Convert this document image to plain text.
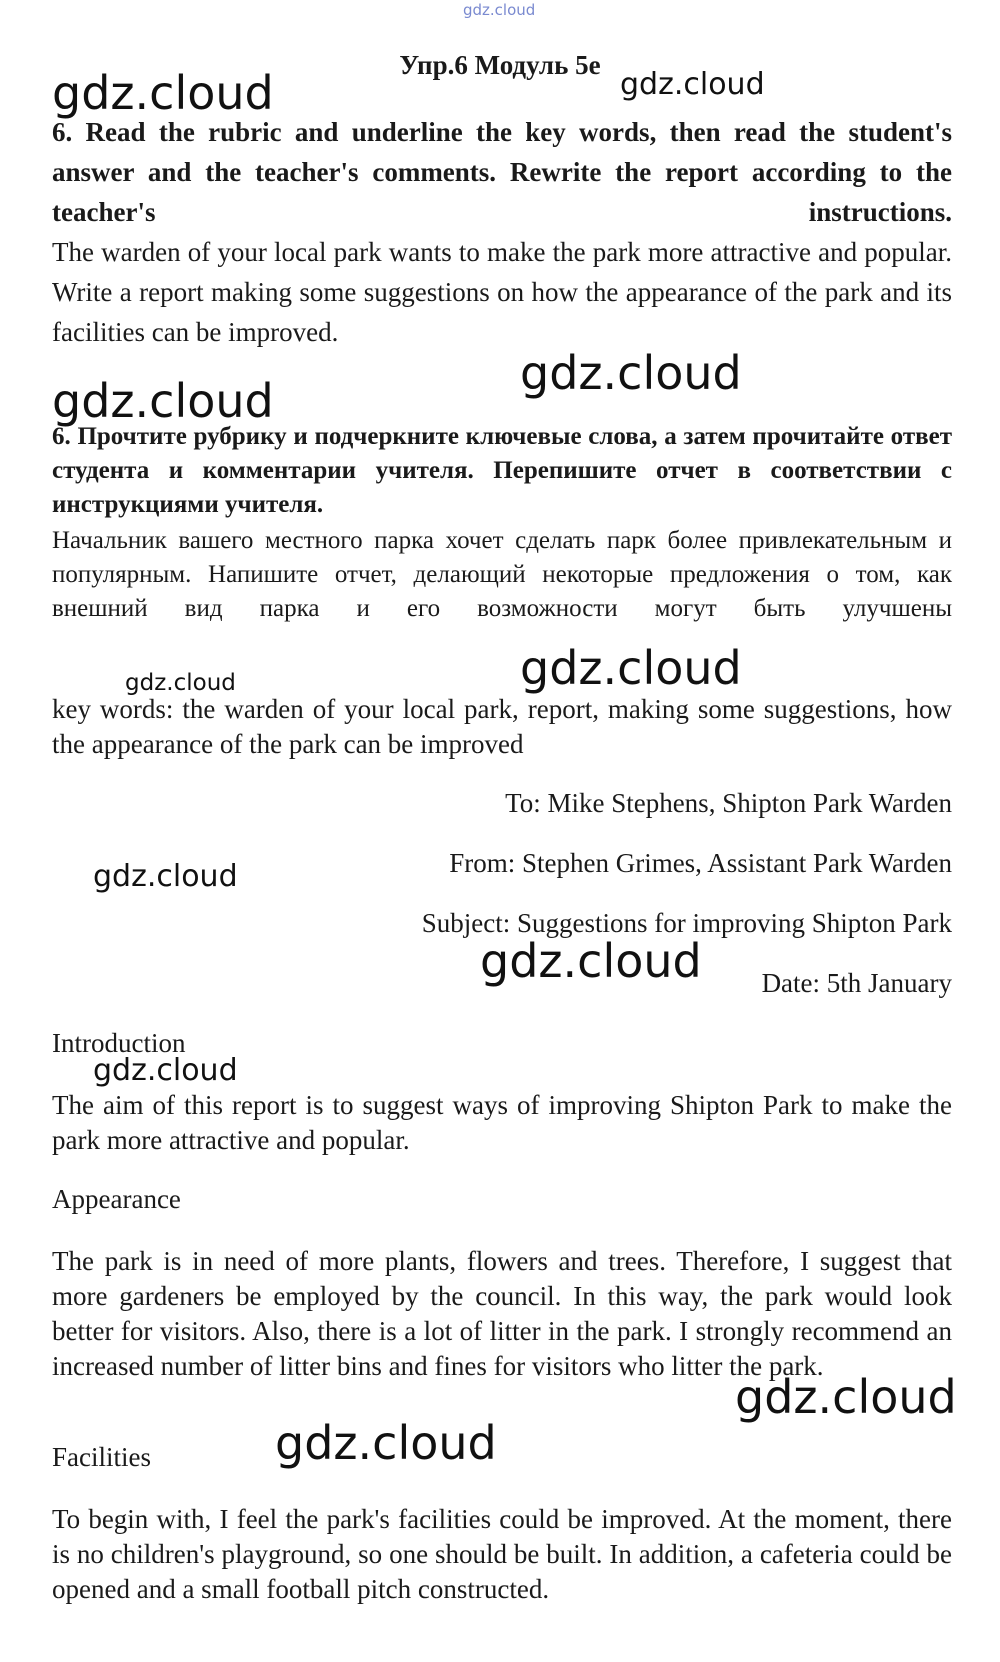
gdz.cloud
Упр.6 Модуль 5е
6. Read the rubric and underline the key words, then read the student's answer and the teacher's comments. Rewrite the report according to the teacher's instructions.
The warden of your local park wants to make the park more attractive and popular. Write a report making some suggestions on how the appearance of the park and its facilities can be improved.
6. Прочтите рубрику и подчеркните ключевые слова, а затем прочитайте ответ студента и комментарии учителя. Перепишите отчет в соответствии с инструкциями учителя.
Начальник вашего местного парка хочет сделать парк более привлекательным и популярным. Напишите отчет, делающий некоторые предложения о том, как внешний вид парка и его возможности могут быть улучшены
key words: the warden of your local park, report, making some suggestions, how the appearance of the park can be improved
To: Mike Stephens, Shipton Park Warden
From: Stephen Grimes, Assistant Park Warden
Subject: Suggestions for improving Shipton Park
Date: 5th January
Introduction
The aim of this report is to suggest ways of improving Shipton Park to make the park more attractive and popular.
Appearance
The park is in need of more plants, flowers and trees. Therefore, I suggest that more gardeners be employed by the council. In this way, the park would look better for visitors. Also, there is a lot of litter in the park. I strongly recommend an increased number of litter bins and fines for visitors who litter the park.
Facilities
To begin with, I feel the park's facilities could be improved. At the moment, there is no children's playground, so one should be built. In addition, a cafeteria could be opened and a small football pitch constructed.
gdz.cloud	gdz.cloud
gdz.cloud
gdz.cloud
gdz.cloud
gdz.cloud
gdz.cloud
gdz.cloud
gdz.cloud
gdz.cloud
gdz.cloud
